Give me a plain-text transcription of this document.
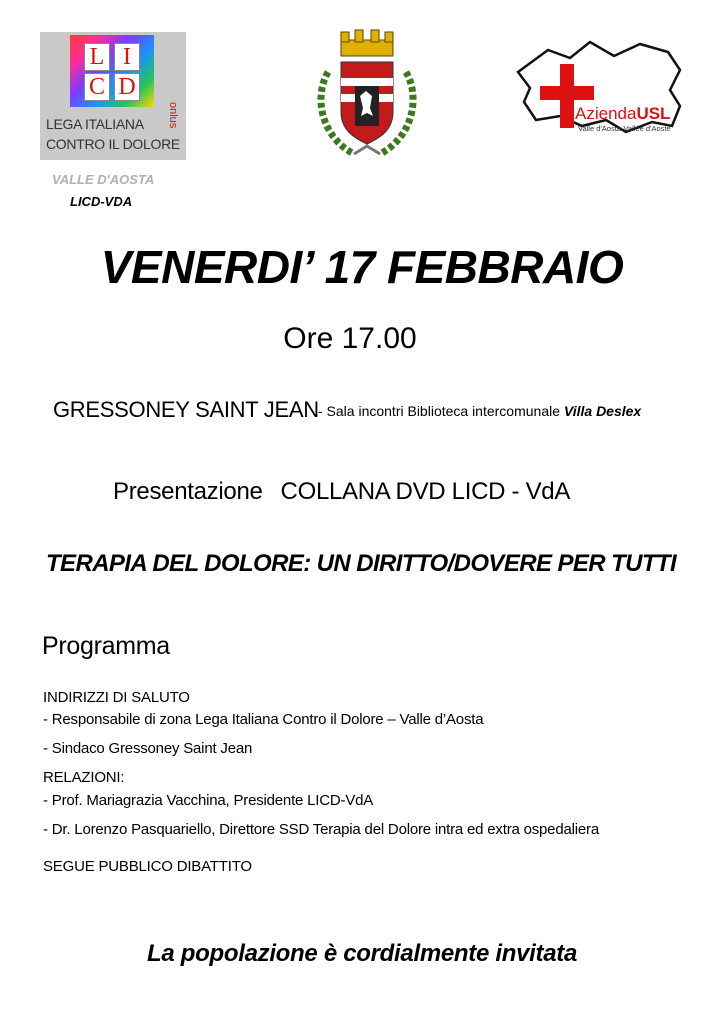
L I
C D
onlus
LEGA ITALIANA
CONTRO IL DOLORE
VALLE D'AOSTA
LICD-VDA
AziendaUSL
Valle d'Aosta-Vallée d'Aoste
VENERDI’ 17 FEBBRAIO
Ore 17.00
GRESSONEY SAINT JEAN - Sala incontri Biblioteca intercomunale Villa Deslex
Presentazione COLLANA DVD LICD - VdA
TERAPIA DEL DOLORE: UN DIRITTO/DOVERE PER TUTTI
Programma
INDIRIZZI DI SALUTO
- Responsabile di zona Lega Italiana Contro il Dolore – Valle d’Aosta
- Sindaco Gressoney Saint Jean
RELAZIONI:
- Prof. Mariagrazia Vacchina, Presidente LICD-VdA
- Dr. Lorenzo Pasquariello, Direttore SSD Terapia del Dolore intra ed extra ospedaliera
SEGUE PUBBLICO DIBATTITO
La popolazione è cordialmente invitata
